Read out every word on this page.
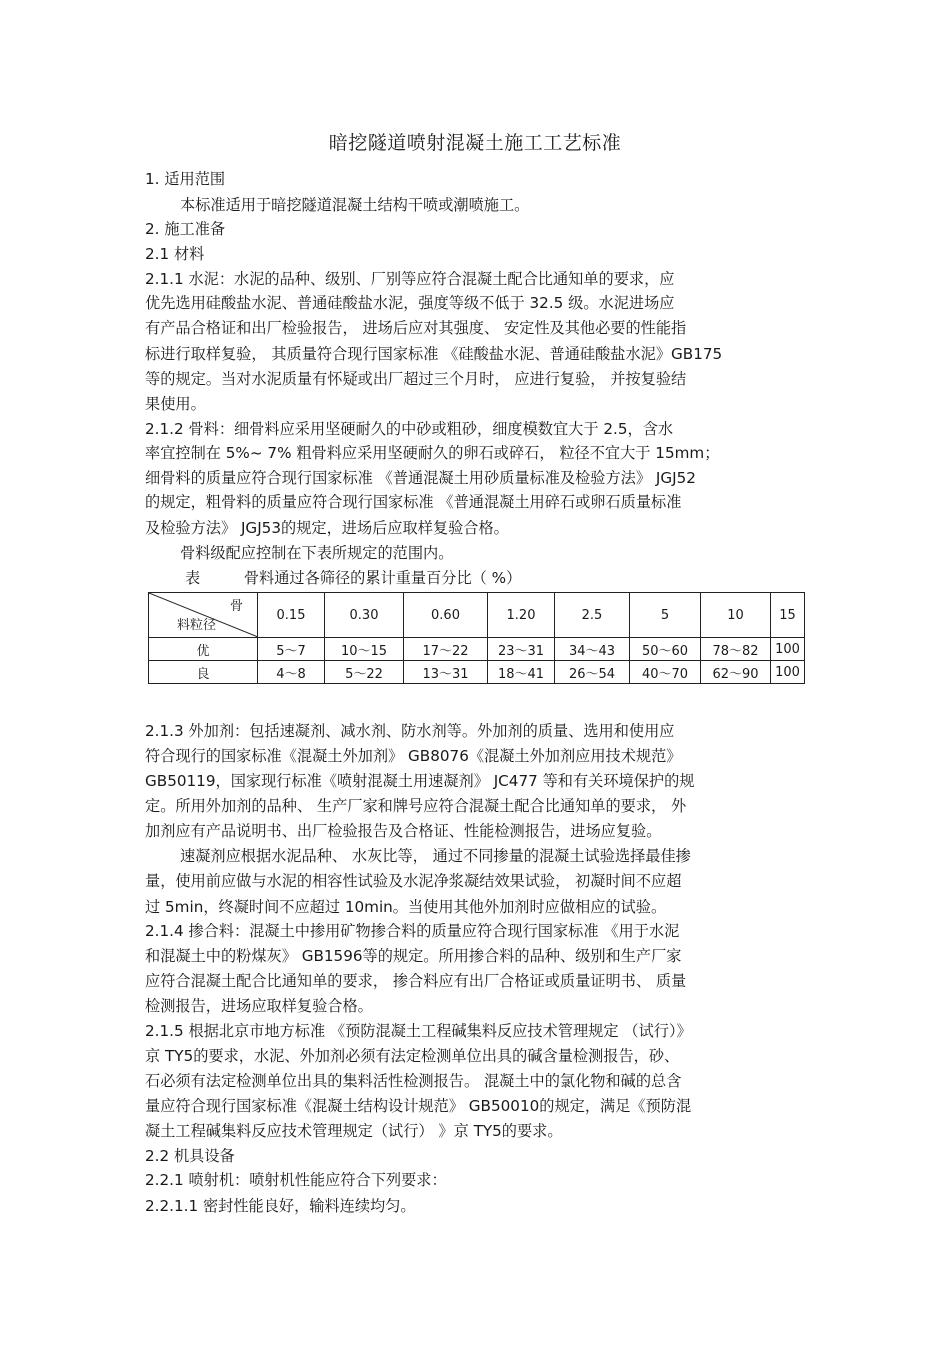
暗挖隧道喷射混凝土施工工艺标准
1. 适用范围
本标准适用于暗挖隧道混凝土结构干喷或潮喷施工。
2. 施工准备
2.1 材料
2.1.1 水泥：水泥的品种、级别、厂别等应符合混凝土配合比通知单的要求，应
优先选用硅酸盐水泥、普通硅酸盐水泥，强度等级不低于 32.5 级。水泥进场应
有产品合格证和出厂检验报告， 进场后应对其强度、 安定性及其他必要的性能指
标进行取样复验， 其质量符合现行国家标准 《硅酸盐水泥、普通硅酸盐水泥》GB175
等的规定。当对水泥质量有怀疑或出厂超过三个月时， 应进行复验， 并按复验结
果使用。
2.1.2 骨料：细骨料应采用坚硬耐久的中砂或粗砂，细度模数宜大于 2.5，含水
率宜控制在 5%~ 7% 粗骨料应采用坚硬耐久的卵石或碎石， 粒径不宜大于 15mm；
细骨料的质量应符合现行国家标准 《普通混凝土用砂质量标准及检验方法》 JGJ52
的规定，粗骨料的质量应符合现行国家标准 《普通混凝土用碎石或卵石质量标准
及检验方法》 JGJ53的规定，进场后应取样复验合格。
骨料级配应控制在下表所规定的范围内。
表	骨料通过各筛径的累计重量百分比（ %）
骨
料粒径	0.15	0.30	0.60	1.20	2.5	5	10	15
优	5～7	10～15	17～22	23～31	34～43	50～60	78～82	100
良	4～8	5～22	13～31	18～41	26～54	40～70	62～90	100
2.1.3 外加剂：包括速凝剂、减水剂、防水剂等。外加剂的质量、选用和使用应
符合现行的国家标准《混凝土外加剂》 GB8076《混凝土外加剂应用技术规范》
GB50119，国家现行标准《喷射混凝土用速凝剂》 JC477 等和有关环境保护的规
定。所用外加剂的品种、 生产厂家和牌号应符合混凝土配合比通知单的要求， 外
加剂应有产品说明书、出厂检验报告及合格证、性能检测报告，进场应复验。
速凝剂应根据水泥品种、 水灰比等， 通过不同掺量的混凝土试验选择最佳掺
量，使用前应做与水泥的相容性试验及水泥净浆凝结效果试验， 初凝时间不应超
过 5min，终凝时间不应超过 10min。当使用其他外加剂时应做相应的试验。
2.1.4 掺合料：混凝土中掺用矿物掺合料的质量应符合现行国家标准 《用于水泥
和混凝土中的粉煤灰》 GB1596等的规定。所用掺合料的品种、级别和生产厂家
应符合混凝土配合比通知单的要求， 掺合料应有出厂合格证或质量证明书、 质量
检测报告，进场应取样复验合格。
2.1.5 根据北京市地方标准 《预防混凝土工程碱集料反应技术管理规定 （试行）》
京 TY5的要求，水泥、外加剂必须有法定检测单位出具的碱含量检测报告，砂、
石必须有法定检测单位出具的集料活性检测报告。 混凝土中的氯化物和碱的总含
量应符合现行国家标准《混凝土结构设计规范》 GB50010的规定，满足《预防混
凝土工程碱集料反应技术管理规定（试行） 》京 TY5的要求。
2.2 机具设备
2.2.1 喷射机：喷射机性能应符合下列要求：
2.2.1.1 密封性能良好，输料连续均匀。
